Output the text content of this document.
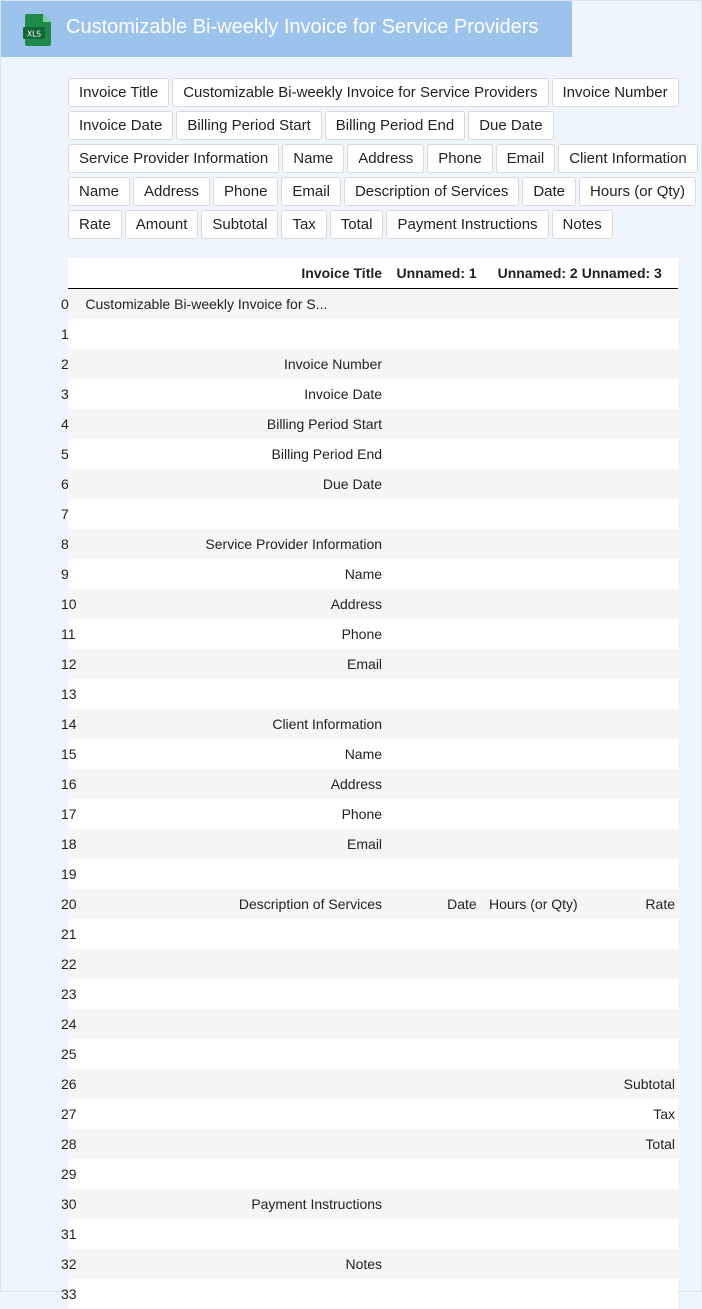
XLS Customizable Bi-weekly Invoice for Service Providers
Invoice Title	Customizable Bi-weekly Invoice for Service Providers	Invoice Number
Invoice Date	Billing Period Start	Billing Period End	Due Date
Service Provider Information	Name	Address	Phone	Email	Client Information
Name	Address	Phone	Email	Description of Services	Date	Hours (or Qty)
Rate	Amount	Subtotal	Tax	Total	Payment Instructions	Notes
	Invoice Title	Unnamed: 1	Unnamed: 2	Unnamed: 3
0	Customizable Bi-weekly Invoice for S...			
1				
2	Invoice Number			
3	Invoice Date			
4	Billing Period Start			
5	Billing Period End			
6	Due Date			
7				
8	Service Provider Information			
9	Name			
10	Address			
11	Phone			
12	Email			
13				
14	Client Information			
15	Name			
16	Address			
17	Phone			
18	Email			
19				
20	Description of Services	Date	Hours (or Qty)	Rate
21				
22				
23				
24				
25				
26				Subtotal
27				Tax
28				Total
29				
30	Payment Instructions			
31				
32	Notes			
33				
